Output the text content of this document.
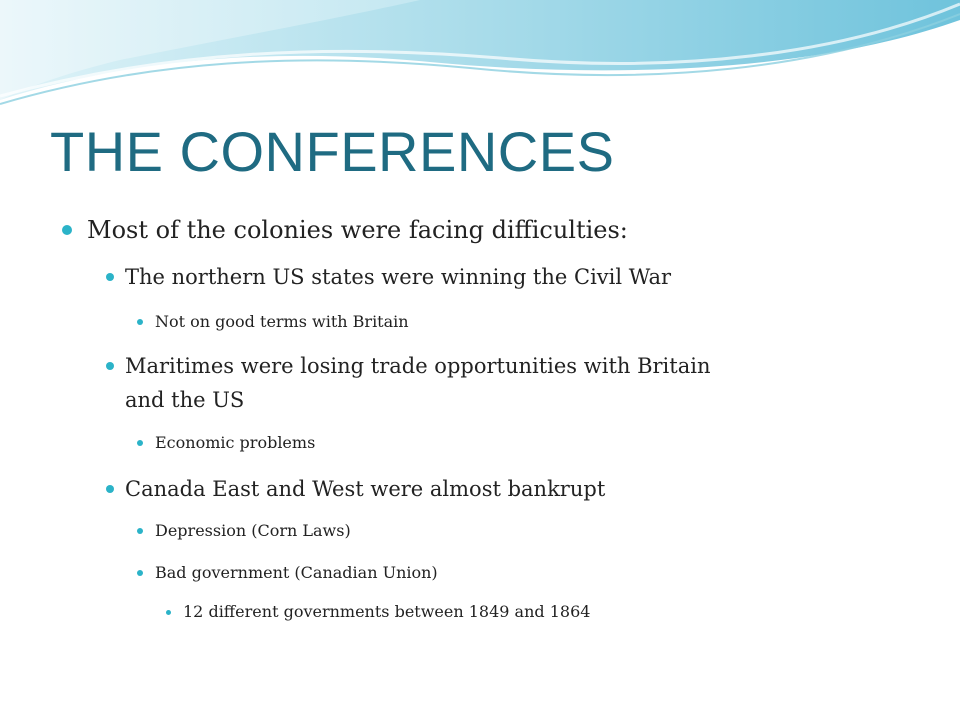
THE CONFERENCES

Most of the colonies were facing difficulties:

The northern US states were winning the Civil War

Not on good terms with Britain

Maritimes were losing trade opportunities with Britain

and the US

Economic problems

Canada East and West were almost bankrupt

Depression (Corn Laws)

Bad government (Canadian Union)

12 different governments between 1849 and 1864
